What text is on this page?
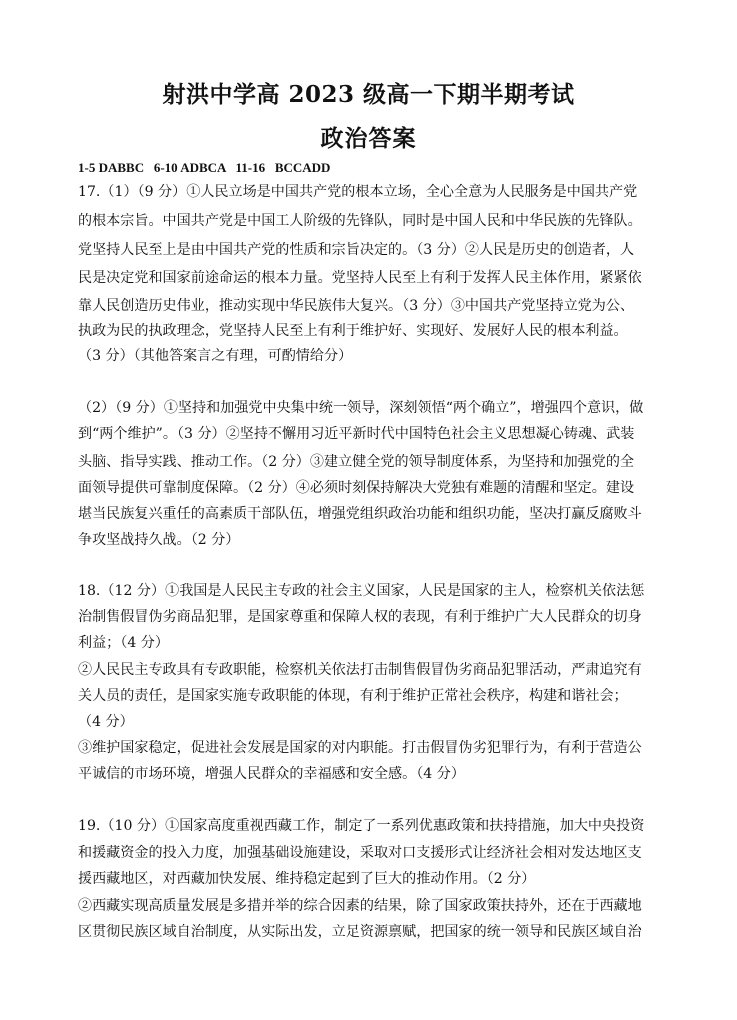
射洪中学高 2023 级高一下期半期考试
政治答案
1-5 DABBC   6-10 ADBCA   11-16   BCCADD
17.（1）（9 分）①人民立场是中国共产党的根本立场，全心全意为人民服务是中国共产党
的根本宗旨。中国共产党是中国工人阶级的先锋队，同时是中国人民和中华民族的先锋队。
党坚持人民至上是由中国共产党的性质和宗旨决定的。（3 分）②人民是历史的创造者，人
民是决定党和国家前途命运的根本力量。党坚持人民至上有利于发挥人民主体作用，紧紧依
靠人民创造历史伟业，推动实现中华民族伟大复兴。（3 分）③中国共产党坚持立党为公、
执政为民的执政理念，党坚持人民至上有利于维护好、实现好、发展好人民的根本利益。
（3 分）（其他答案言之有理，可酌情给分）
（2）（9 分）①坚持和加强党中央集中统一领导，深刻领悟“两个确立”，增强四个意识，做
到“两个维护”。（3 分）②坚持不懈用习近平新时代中国特色社会主义思想凝心铸魂、武装
头脑、指导实践、推动工作。（2 分）③建立健全党的领导制度体系，为坚持和加强党的全
面领导提供可靠制度保障。（2 分）④必须时刻保持解决大党独有难题的清醒和坚定。建设
堪当民族复兴重任的高素质干部队伍，增强党组织政治功能和组织功能，坚决打赢反腐败斗
争攻坚战持久战。（2 分）
18.（12 分）①我国是人民民主专政的社会主义国家，人民是国家的主人，检察机关依法惩
治制售假冒伪劣商品犯罪，是国家尊重和保障人权的表现，有利于维护广大人民群众的切身
利益；（4 分）
②人民民主专政具有专政职能，检察机关依法打击制售假冒伪劣商品犯罪活动，严肃追究有
关人员的责任，是国家实施专政职能的体现，有利于维护正常社会秩序，构建和谐社会；
（4 分）
③维护国家稳定，促进社会发展是国家的对内职能。打击假冒伪劣犯罪行为，有利于营造公
平诚信的市场环境，增强人民群众的幸福感和安全感。（4 分）
19.（10 分）①国家高度重视西藏工作，制定了一系列优惠政策和扶持措施，加大中央投资
和援藏资金的投入力度，加强基础设施建设，采取对口支援形式让经济社会相对发达地区支
援西藏地区，对西藏加快发展、维持稳定起到了巨大的推动作用。（2 分）
②西藏实现高质量发展是多措并举的综合因素的结果，除了国家政策扶持外，还在于西藏地
区贯彻民族区域自治制度，从实际出发，立足资源禀赋，把国家的统一领导和民族区域自治
